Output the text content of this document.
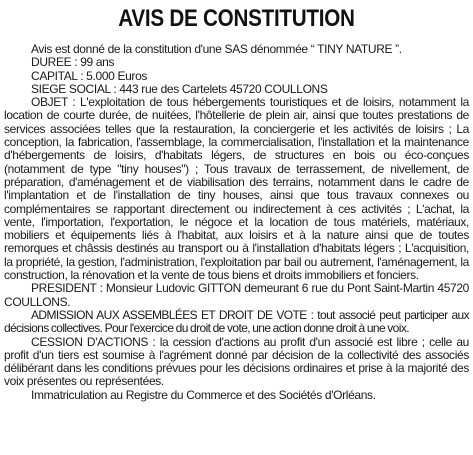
AVIS DE CONSTITUTION

Avis est donné de la constitution d'une SAS dénommée “ TINY NATURE ”.

DUREE : 99 ans

CAPITAL : 5.000 Euros

SIEGE SOCIAL : 443 rue des Cartelets 45720 COULLONS

OBJET : L'exploitation de tous hébergements touristiques et de loisirs, notamment la location de courte durée, de nuitées, l'hôtellerie de plein air, ainsi que toutes prestations de services associées telles que la restauration, la conciergerie et les activités de loisirs ; La conception, la fabrication, l'assemblage, la commercialisation, l'installation et la maintenance d'hébergements de loisirs, d'habitats légers, de structures en bois ou éco-conçues (notamment de type "tiny houses") ; Tous travaux de terrassement, de nivellement, de préparation, d'aménagement et de viabilisation des terrains, notamment dans le cadre de l'implantation et de l'installation de tiny houses, ainsi que tous travaux connexes ou complémentaires se rapportant directement ou indirectement à ces activités ; L'achat, la vente, l'importation, l'exportation, le négoce et la location de tous matériels, matériaux, mobiliers et équipements liés à l'habitat, aux loisirs et à la nature ainsi que de toutes remorques et châssis destinés au transport ou à l'installation d'habitats légers ; L'acquisition, la propriété, la gestion, l'administration, l'exploitation par bail ou autrement, l'aménagement, la construction, la rénovation et la vente de tous biens et droits immobiliers et fonciers.

PRESIDENT : Monsieur Ludovic GITTON demeurant 6 rue du Pont Saint-Martin 45720 COULLONS.

ADMISSION AUX ASSEMBLÉES ET DROIT DE VOTE : tout associé peut participer aux décisions collectives. Pour l'exercice du droit de vote, une action donne droit à une voix.

CESSION D'ACTIONS : la cession d'actions au profit d'un associé est libre ; celle au profit d'un tiers est soumise à l'agrément donné par décision de la collectivité des associés délibérant dans les conditions prévues pour les décisions ordinaires et prise à la majorité des voix présentes ou représentées.

Immatriculation au Registre du Commerce et des Sociétés d'Orléans.
